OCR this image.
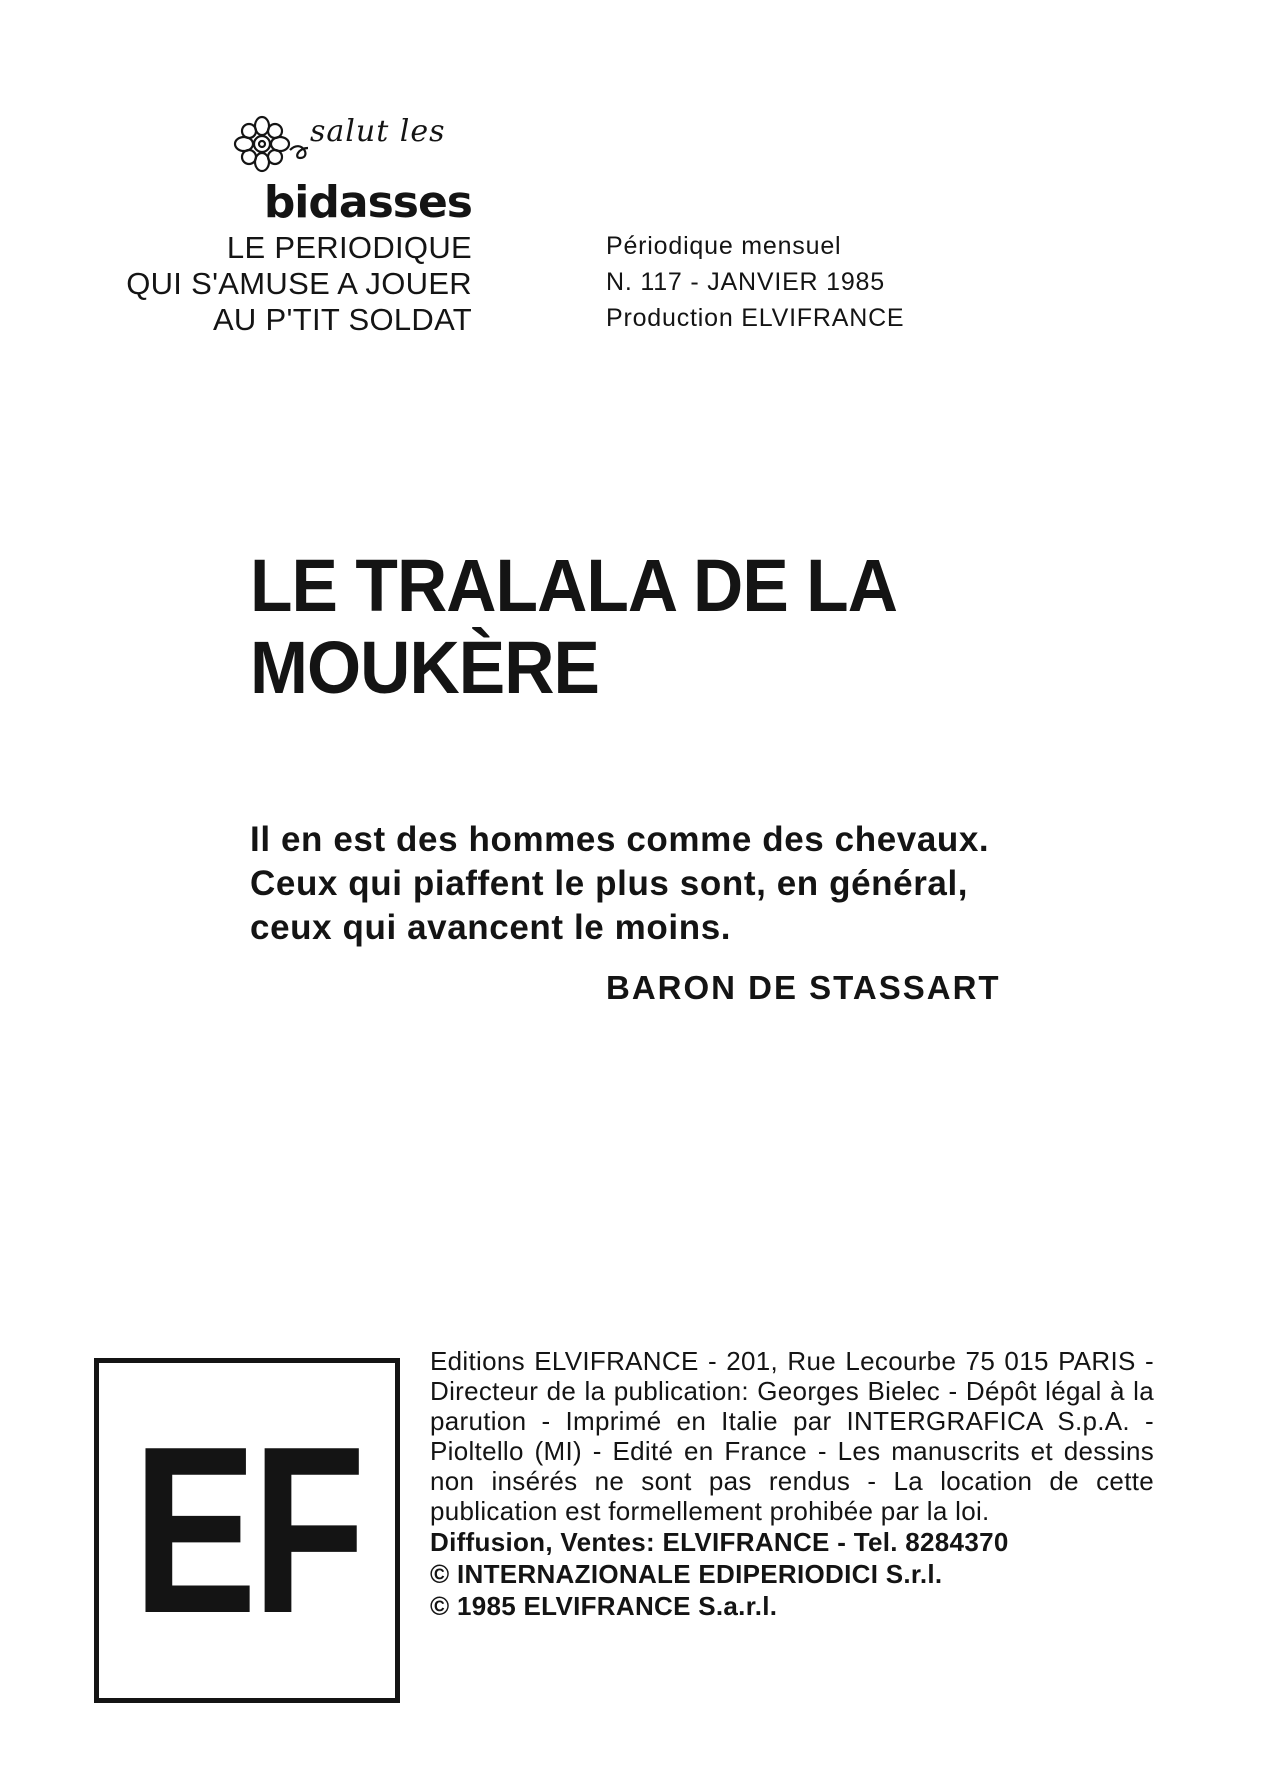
salut les
bidasses
LE PERIODIQUE
QUI S'AMUSE A JOUER
AU P'TIT SOLDAT
Périodique mensuel
N. 117 - JANVIER 1985
Production ELVIFRANCE
LE TRALALA DE LA
MOUKÈRE
Il en est des hommes comme des chevaux.
Ceux qui piaffent le plus sont, en général,
ceux qui avancent le moins.
BARON DE STASSART
EF
Editions ELVIFRANCE - 201, Rue Lecourbe 75 015 PARIS - Directeur de la publication: Georges Bielec - Dépôt légal à la parution - Imprimé en Italie par INTERGRAFICA S.p.A. - Pioltello (MI) - Edité en France - Les manuscrits et dessins non insérés ne sont pas rendus - La location de cette publication est formellement prohibée par la loi.
Diffusion, Ventes: ELVIFRANCE - Tel. 8284370
© INTERNAZIONALE EDIPERIODICI S.r.l.
© 1985 ELVIFRANCE S.a.r.l.
